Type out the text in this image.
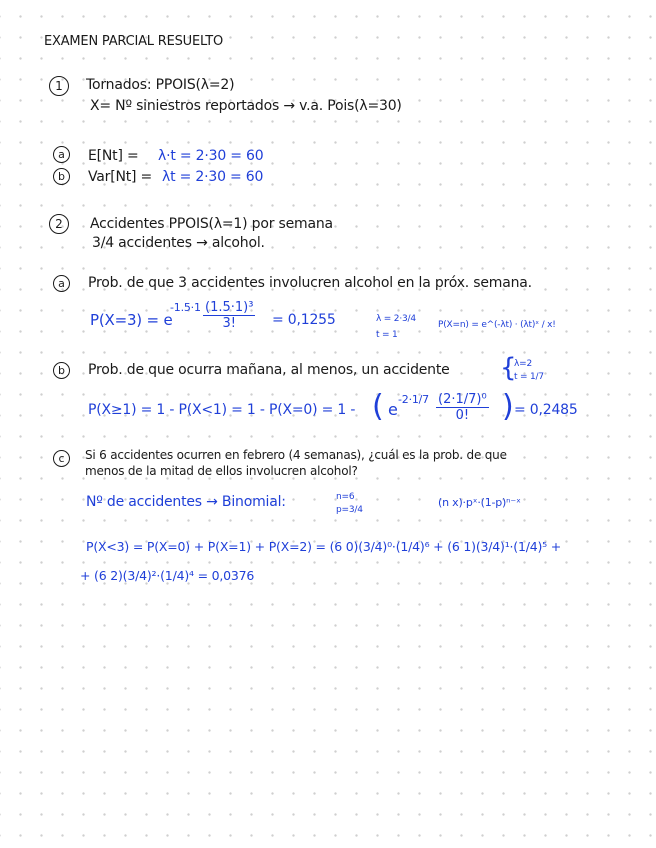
EXAMEN PARCIAL RESUELTO
1	Tornados: PPOIS(λ=2)
X= Nº siniestros reportados → v.a. Pois(λ=30)
a	E[Nt] = λ·t = 2·30 = 60
b	Var[Nt] = λt = 2·30 = 60
2	Accidentes PPOIS(λ=1) por semana
3/4 accidentes → alcohol.
a	Prob. de que 3 accidentes involucren alcohol en la próx. semana.
P(X=3) = e
$-1.5\cdot 1 \frac{\text{(1.5·1)³}}{3!} = 0,1255$	λ = 2·3/4
t = 1
P(X=n) = e^(-λt) · (λt)ˣ / x!
b	Prob. de que ocurra mañana, al menos, un accidente {
λ=2
t = 1/7
P(X≥1) = 1 - P(X<1) = 1 - P(X=0) = 1 - ( e
$-2\cdot 1/7 \frac{\text{(2·1/7)⁰}}{0!}$ ) = 0,2485
c	Si 6 accidentes ocurren en febrero (4 semanas), ¿cuál es la prob. de que
menos de la mitad de ellos involucren alcohol?
Nº de accidentes → Binomial:	n=6
p=3/4
(n x)·pˣ·(1-p)ⁿ⁻ˣ
P(X<3) = P(X=0) + P(X=1) + P(X=2) = (6 0)(3/4)⁰·(1/4)⁶ + (6 1)(3/4)¹·(1/4)⁵ +
+ (6 2)(3/4)²·(1/4)⁴ = 0,0376
